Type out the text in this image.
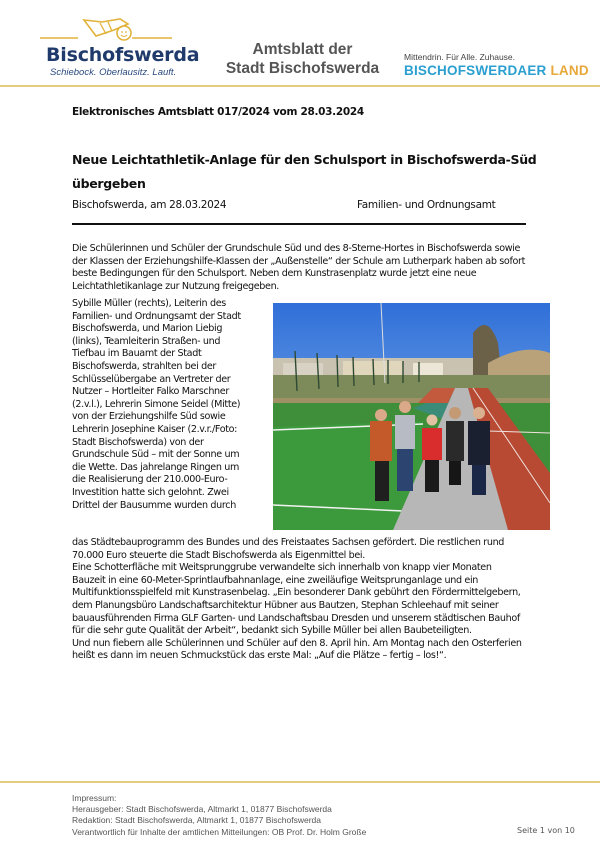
Bischofswerda
Schiebock. Oberlausitz. Lauft.
Amtsblatt der
Stadt Bischofswerda
Mittendrin. Für Alle. Zuhause.
BISCHOFSWERDAER LAND
Elektronisches Amtsblatt 017/2024 vom 28.03.2024
Neue Leichtathletik-Anlage für den Schulsport in Bischofswerda-Süd übergeben
Bischofswerda, am 28.03.2024	Familien- und Ordnungsamt

Die Schülerinnen und Schüler der Grundschule Süd und des 8-Sterne-Hortes in Bischofswerda sowie

der Klassen der Erziehungshilfe-Klassen der „Außenstelle“ der Schule am Lutherpark haben ab sofort

beste Bedingungen für den Schulsport. Neben dem Kunstrasenplatz wurde jetzt eine neue

Leichtathletikanlage zur Nutzung freigegeben.

Sybille Müller (rechts), Leiterin des

Familien- und Ordnungsamt der Stadt

Bischofswerda, und Marion Liebig

(links), Teamleiterin Straßen- und

Tiefbau im Bauamt der Stadt

Bischofswerda, strahlten bei der

Schlüsselübergabe an Vertreter der

Nutzer – Hortleiter Falko Marschner

(2.v.l.), Lehrerin Simone Seidel (Mitte)

von der Erziehungshilfe Süd sowie

Lehrerin Josephine Kaiser (2.v.r./Foto:

Stadt Bischofswerda) von der

Grundschule Süd – mit der Sonne um

die Wette. Das jahrelange Ringen um

die Realisierung der 210.000-Euro-

Investition hatte sich gelohnt. Zwei

Drittel der Bausumme wurden durch

das Städtebauprogramm des Bundes und des Freistaates Sachsen gefördert. Die restlichen rund

70.000 Euro steuerte die Stadt Bischofswerda als Eigenmittel bei.

Eine Schotterfläche mit Weitsprunggrube verwandelte sich innerhalb von knapp vier Monaten

Bauzeit in eine 60-Meter-Sprintlaufbahnanlage, eine zweiläufige Weitsprunganlage und ein

Multifunktionsspielfeld mit Kunstrasenbelag. „Ein besonderer Dank gebührt den Fördermittelgebern,

dem Planungsbüro Landschaftsarchitektur Hübner aus Bautzen, Stephan Schleehauf mit seiner

bauausführenden Firma GLF Garten- und Landschaftsbau Dresden und unserem städtischen Bauhof

für die sehr gute Qualität der Arbeit“, bedankt sich Sybille Müller bei allen Baubeteiligten.

Und nun fiebern alle Schülerinnen und Schüler auf den 8. April hin. Am Montag nach den Osterferien

heißt es dann im neuen Schmuckstück das erste Mal: „Auf die Plätze – fertig – los!“.

Impressum:
Herausgeber: Stadt Bischofswerda, Altmarkt 1, 01877 Bischofswerda
Redaktion: Stadt Bischofswerda, Altmarkt 1, 01877 Bischofswerda
Verantwortlich für Inhalte der amtlichen Mitteilungen: OB Prof. Dr. Holm Große	Seite 1 von 10
